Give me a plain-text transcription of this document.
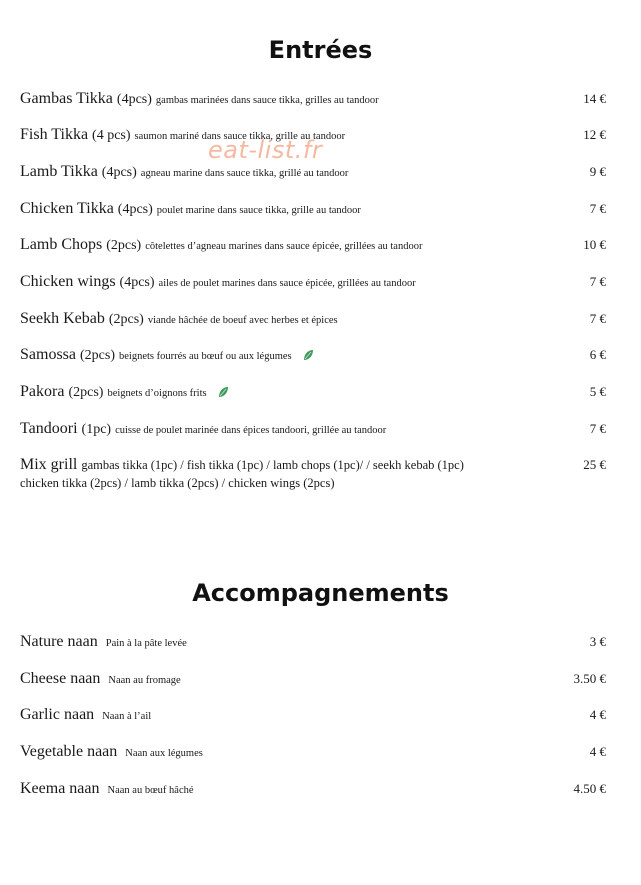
Entrées
eat-list.fr
Gambas Tikka (4pcs) gambas marinées dans sauce tikka, grilles au tandoor	14 €
Fish Tikka (4 pcs) saumon mariné dans sauce tikka, grille au tandoor	12 €
Lamb Tikka (4pcs) agneau marine dans sauce tikka, grillé au tandoor	9 €
Chicken Tikka (4pcs) poulet marine dans sauce tikka, grille au tandoor	7 €
Lamb Chops (2pcs) côtelettes d’agneau marines dans sauce épicée, grillées au tandoor	10 €
Chicken wings (4pcs) ailes de poulet marines dans sauce épicée, grillées au tandoor	7 €
Seekh Kebab (2pcs) viande hâchée de boeuf avec herbes et épices	7 €
Samossa (2pcs) beignets fourrés au bœuf ou aux légumes	6 €
Pakora (2pcs) beignets d’oignons frits	5 €
Tandoori (1pc) cuisse de poulet marinée dans épices tandoori, grillée au tandoor	7 €
Mix grill gambas tikka (1pc) / fish tikka (1pc) / lamb chops (1pc)/ / seekh kebab (1pc)	25 €
chicken tikka (2pcs) / lamb tikka (2pcs) / chicken wings (2pcs)
Accompagnements
Nature naan Pain à la pâte levée	3 €
Cheese naan Naan au fromage	3.50 €
Garlic naan Naan à l’ail	4 €
Vegetable naan Naan aux légumes	4 €
Keema naan Naan au bœuf hâché	4.50 €
